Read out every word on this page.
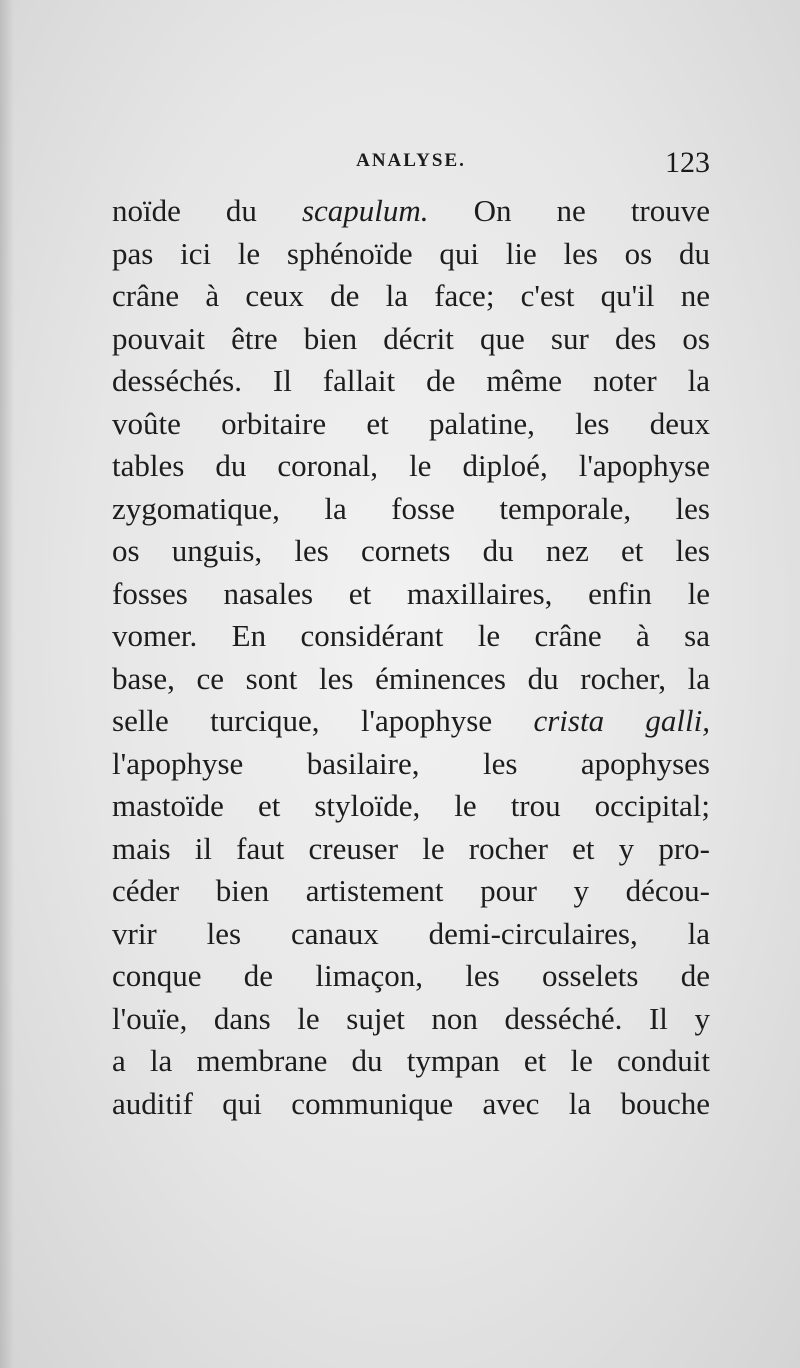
ANALYSE.	123
noïde du scapulum. On ne trouve
pas ici le sphénoïde qui lie les os du
crâne à ceux de la face; c'est qu'il ne
pouvait être bien décrit que sur des os
desséchés. Il fallait de même noter la
voûte orbitaire et palatine, les deux
tables du coronal, le diploé, l'apophyse
zygomatique, la fosse temporale, les
os unguis, les cornets du nez et les
fosses nasales et maxillaires, enfin le
vomer. En considérant le crâne à sa
base, ce sont les éminences du rocher, la
selle turcique, l'apophyse crista galli,
l'apophyse basilaire, les apophyses
mastoïde et styloïde, le trou occipital;
mais il faut creuser le rocher et y pro-
céder bien artistement pour y décou-
vrir les canaux demi-circulaires, la
conque de limaçon, les osselets de
l'ouïe, dans le sujet non desséché. Il y
a la membrane du tympan et le conduit
auditif qui communique avec la bouche
